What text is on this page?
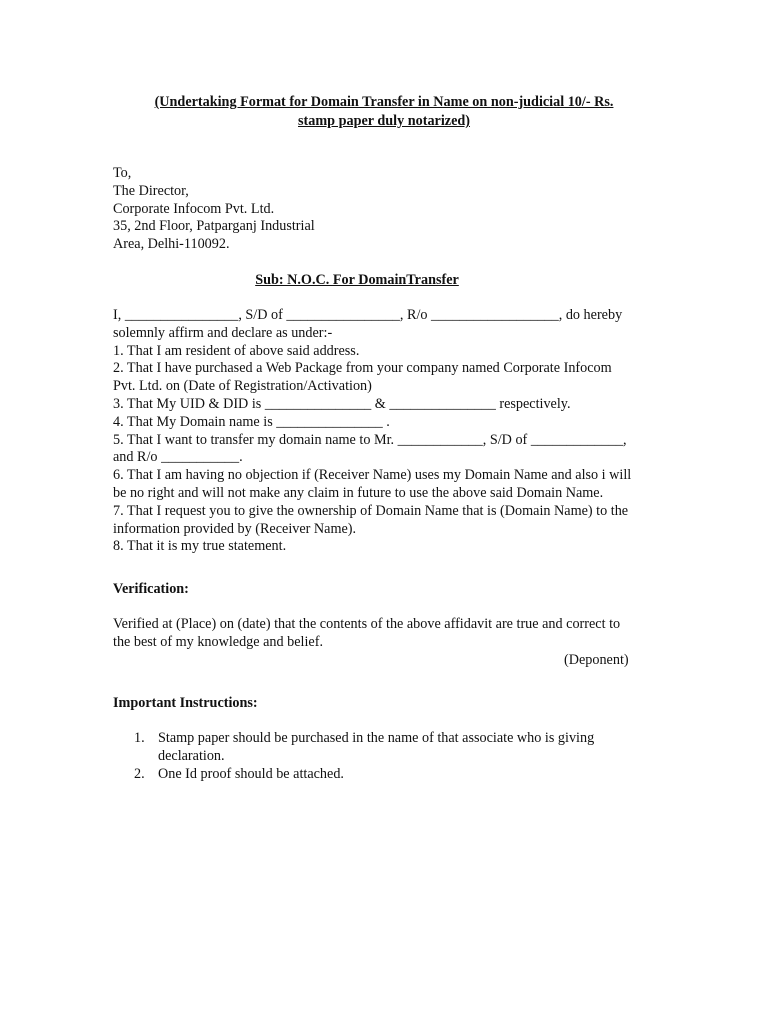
(Undertaking Format for Domain Transfer in Name on non-judicial 10/- Rs.
stamp paper duly notarized)
To,
The Director,
Corporate Infocom Pvt. Ltd.
35, 2nd Floor, Patparganj Industrial
Area, Delhi-110092.
Sub: N.O.C. For DomainTransfer
I, ________________, S/D of ________________, R/o __________________, do hereby
solemnly affirm and declare as under:-
1. That I am resident of above said address.
2. That I have purchased a Web Package from your company named Corporate Infocom
Pvt. Ltd. on (Date of Registration/Activation)
3. That My UID & DID is _______________ & _______________ respectively.
4. That My Domain name is _______________ .
5. That I want to transfer my domain name to Mr. ____________, S/D of _____________,
and R/o ___________.
6. That I am having no objection if (Receiver Name) uses my Domain Name and also i will
be no right and will not make any claim in future to use the above said Domain Name.
7. That I request you to give the ownership of Domain Name that is (Domain Name) to the
information provided by (Receiver Name).
8. That it is my true statement.
Verification:
Verified at (Place) on (date) that the contents of the above affidavit are true and correct to
the best of my knowledge and belief.
(Deponent)
Important Instructions:
1. Stamp paper should be purchased in the name of that associate who is giving
declaration.
2. One Id proof should be attached.
